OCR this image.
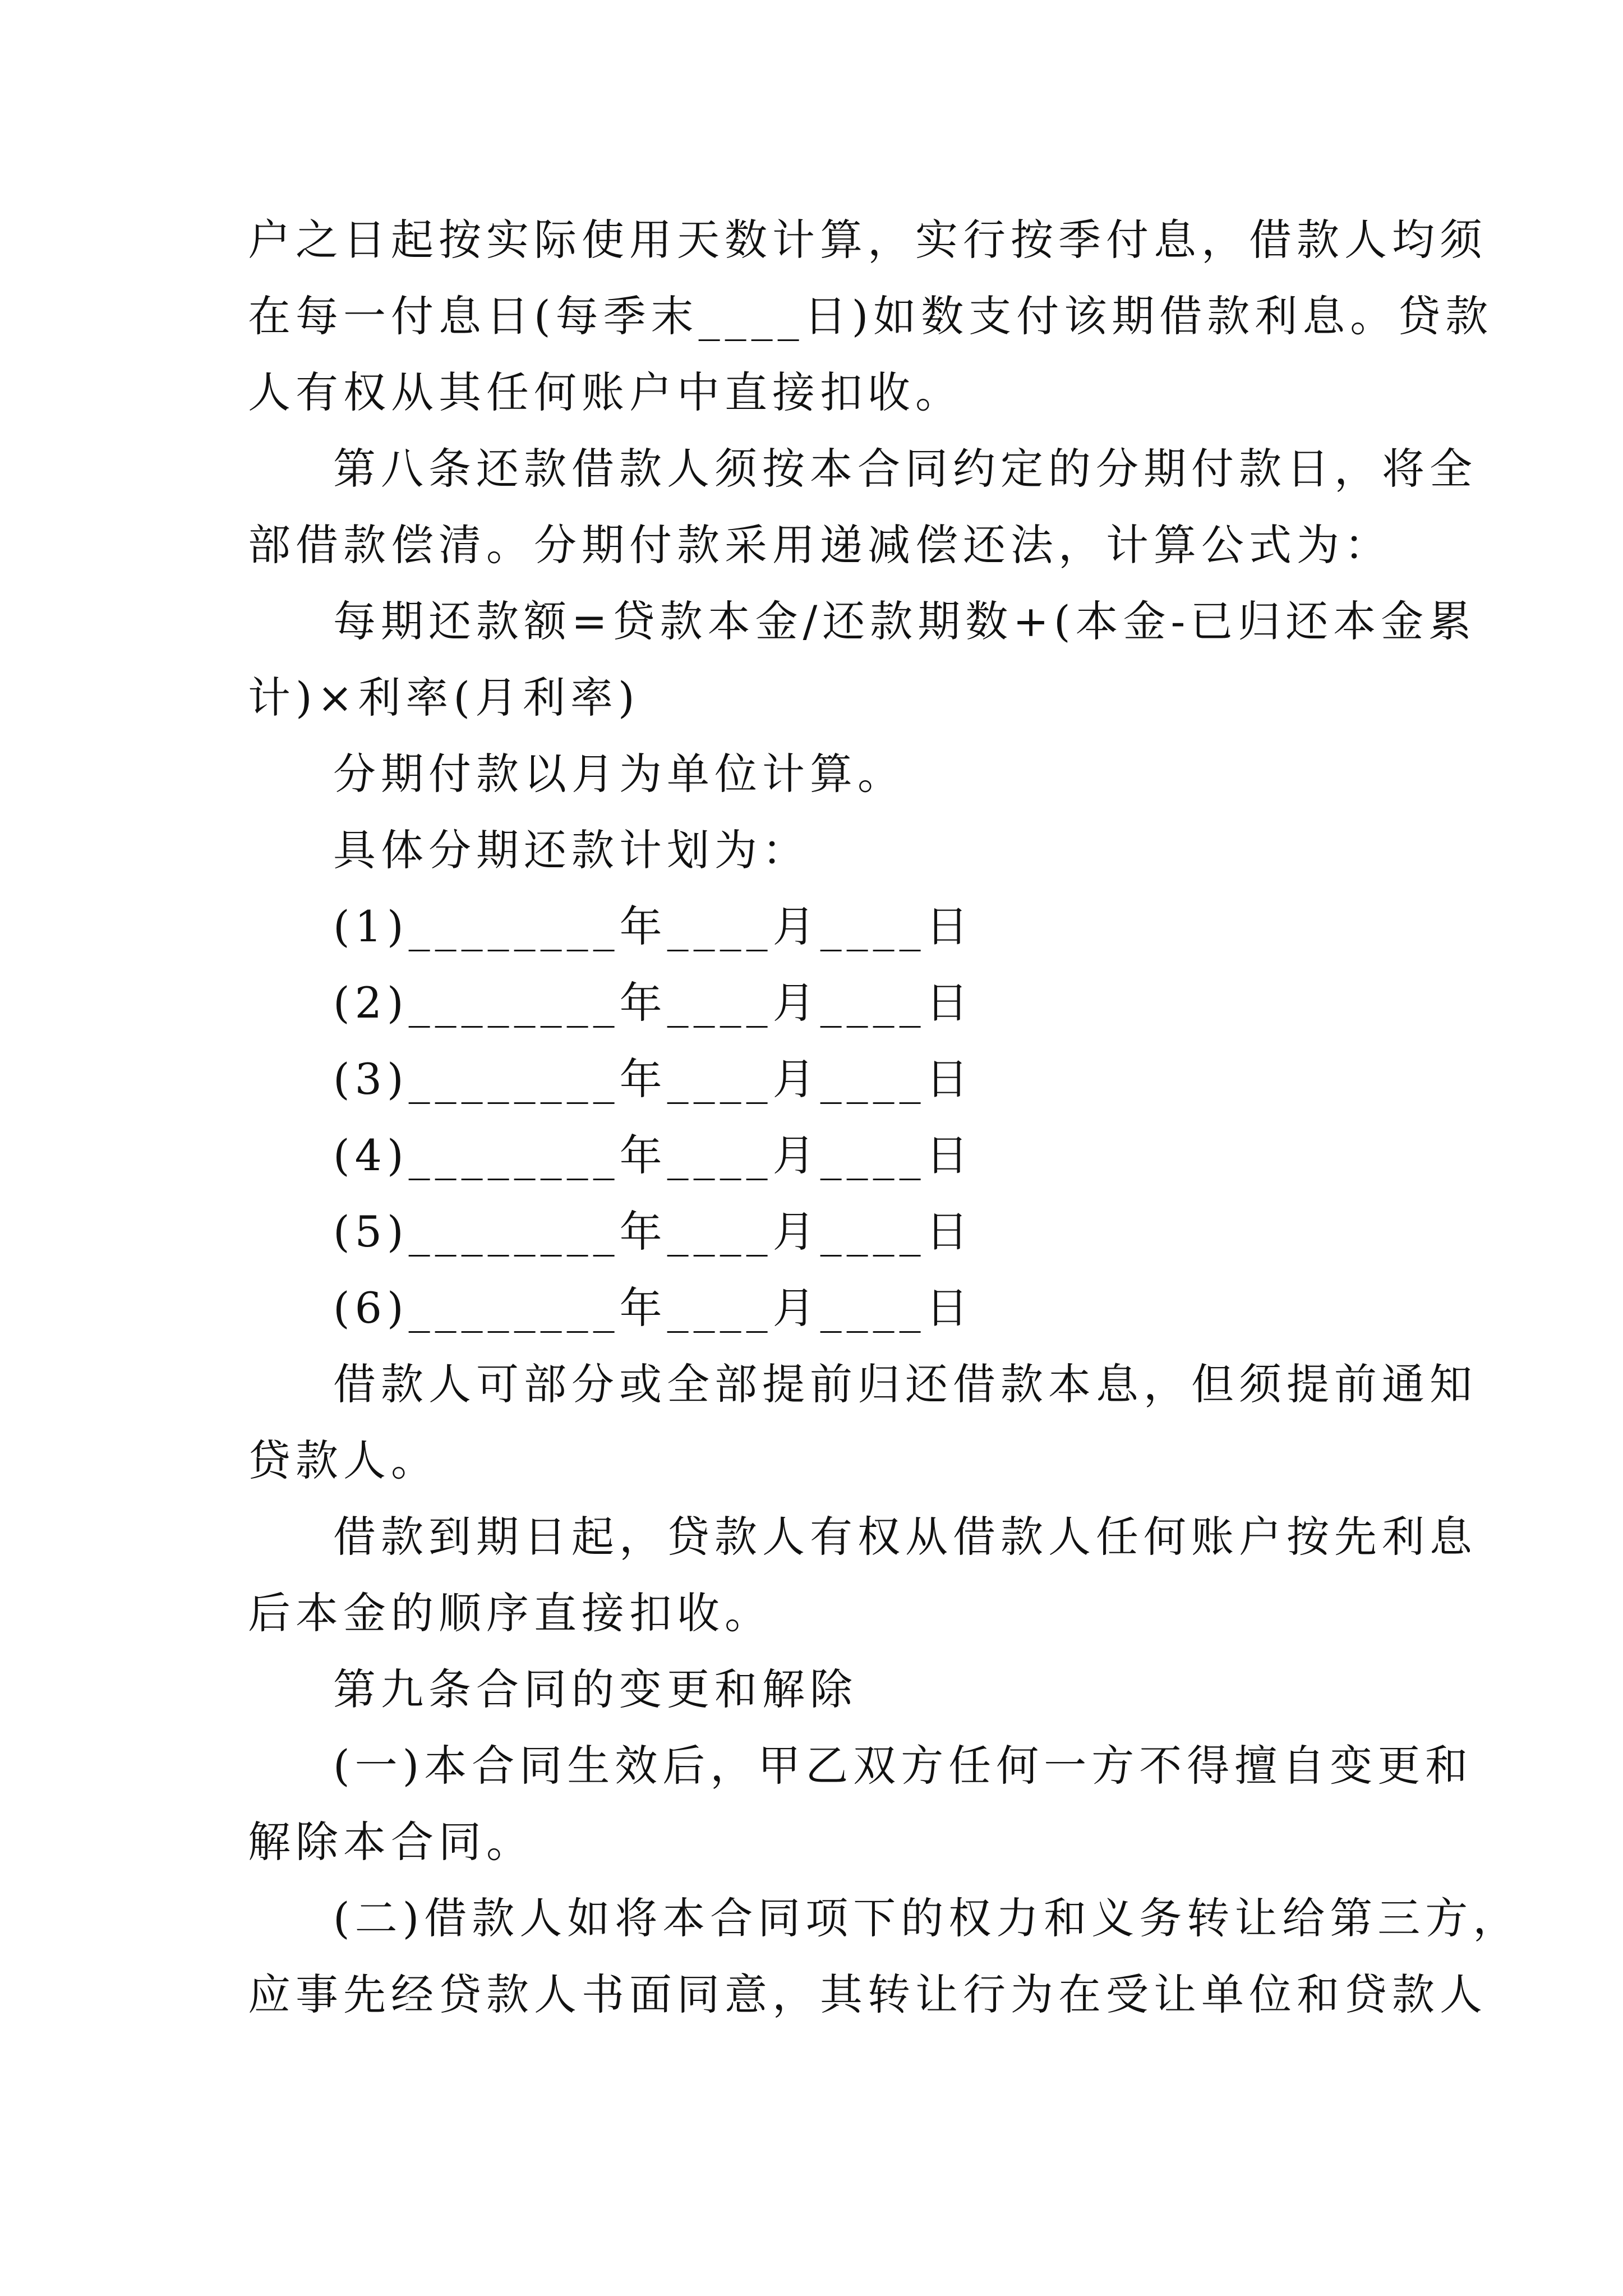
户之日起按实际使用天数计算，实行按季付息，借款人均须

在每一付息日(每季末____日)如数支付该期借款利息。贷款

人有权从其任何账户中直接扣收。

第八条还款借款人须按本合同约定的分期付款日，将全

部借款偿清。分期付款采用递减偿还法，计算公式为：

每期还款额=贷款本金/还款期数+(本金-已归还本金累

计)×利率(月利率)

分期付款以月为单位计算。

具体分期还款计划为：

(1)________年____月____日

(2)________年____月____日

(3)________年____月____日

(4)________年____月____日

(5)________年____月____日

(6)________年____月____日

借款人可部分或全部提前归还借款本息，但须提前通知

贷款人。

借款到期日起，贷款人有权从借款人任何账户按先利息

后本金的顺序直接扣收。

第九条合同的变更和解除

(一)本合同生效后，甲乙双方任何一方不得擅自变更和

解除本合同。

(二)借款人如将本合同项下的权力和义务转让给第三方，

应事先经贷款人书面同意，其转让行为在受让单位和贷款人
